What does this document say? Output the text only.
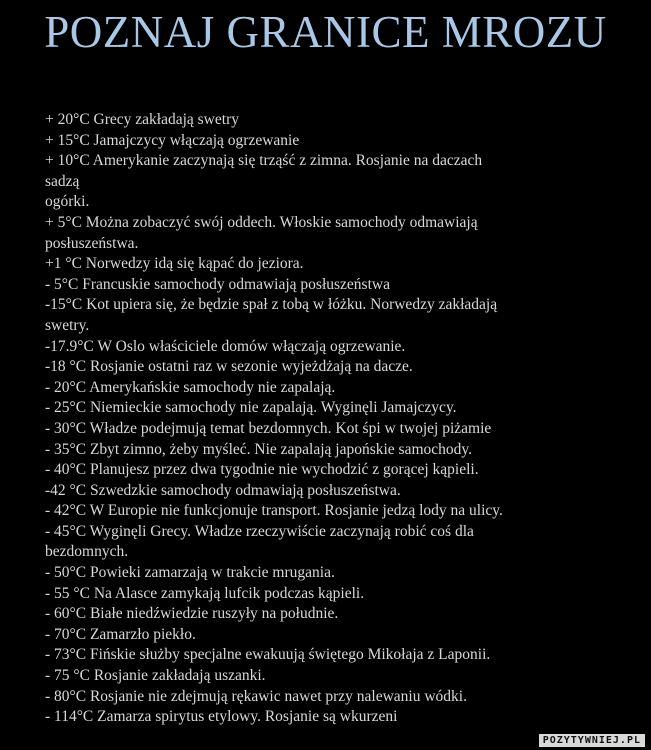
POZNAJ GRANICE MROZU
+ 20°C Grecy zakładają swetry
+ 15°C Jamajczycy włączają ogrzewanie
+ 10°C Amerykanie zaczynają się trząść z zimna. Rosjanie na daczach
sadzą
ogórki.
+ 5°C Można zobaczyć swój oddech. Włoskie samochody odmawiają
posłuszeństwa.
+1 °C Norwedzy idą się kąpać do jeziora.
- 5°C Francuskie samochody odmawiają posłuszeństwa
-15°C Kot upiera się, że będzie spał z tobą w łóżku. Norwedzy zakładają
swetry.
-17.9°C W Oslo właściciele domów włączają ogrzewanie.
-18 °C Rosjanie ostatni raz w sezonie wyjeżdżają na dacze.
- 20°C Amerykańskie samochody nie zapalają.
- 25°C Niemieckie samochody nie zapalają. Wyginęli Jamajczycy.
- 30°C Władze podejmują temat bezdomnych. Kot śpi w twojej piżamie
- 35°C Zbyt zimno, żeby myśleć. Nie zapalają japońskie samochody.
- 40°C Planujesz przez dwa tygodnie nie wychodzić z gorącej kąpieli.
-42 °C Szwedzkie samochody odmawiają posłuszeństwa.
- 42°C W Europie nie funkcjonuje transport. Rosjanie jedzą lody na ulicy.
- 45°C Wyginęli Grecy. Władze rzeczywiście zaczynają robić coś dla
bezdomnych.
- 50°C Powieki zamarzają w trakcie mrugania.
- 55 °C Na Alasce zamykają lufcik podczas kąpieli.
- 60°C Białe niedźwiedzie ruszyły na południe.
- 70°C Zamarzło piekło.
- 73°C Fińskie służby specjalne ewakuują świętego Mikołaja z Laponii.
- 75 °C Rosjanie zakładają uszanki.
- 80°C Rosjanie nie zdejmują rękawic nawet przy nalewaniu wódki.
- 114°C Zamarza spirytus etylowy. Rosjanie są wkurzeni
POZYTYWNIEJ.PL
